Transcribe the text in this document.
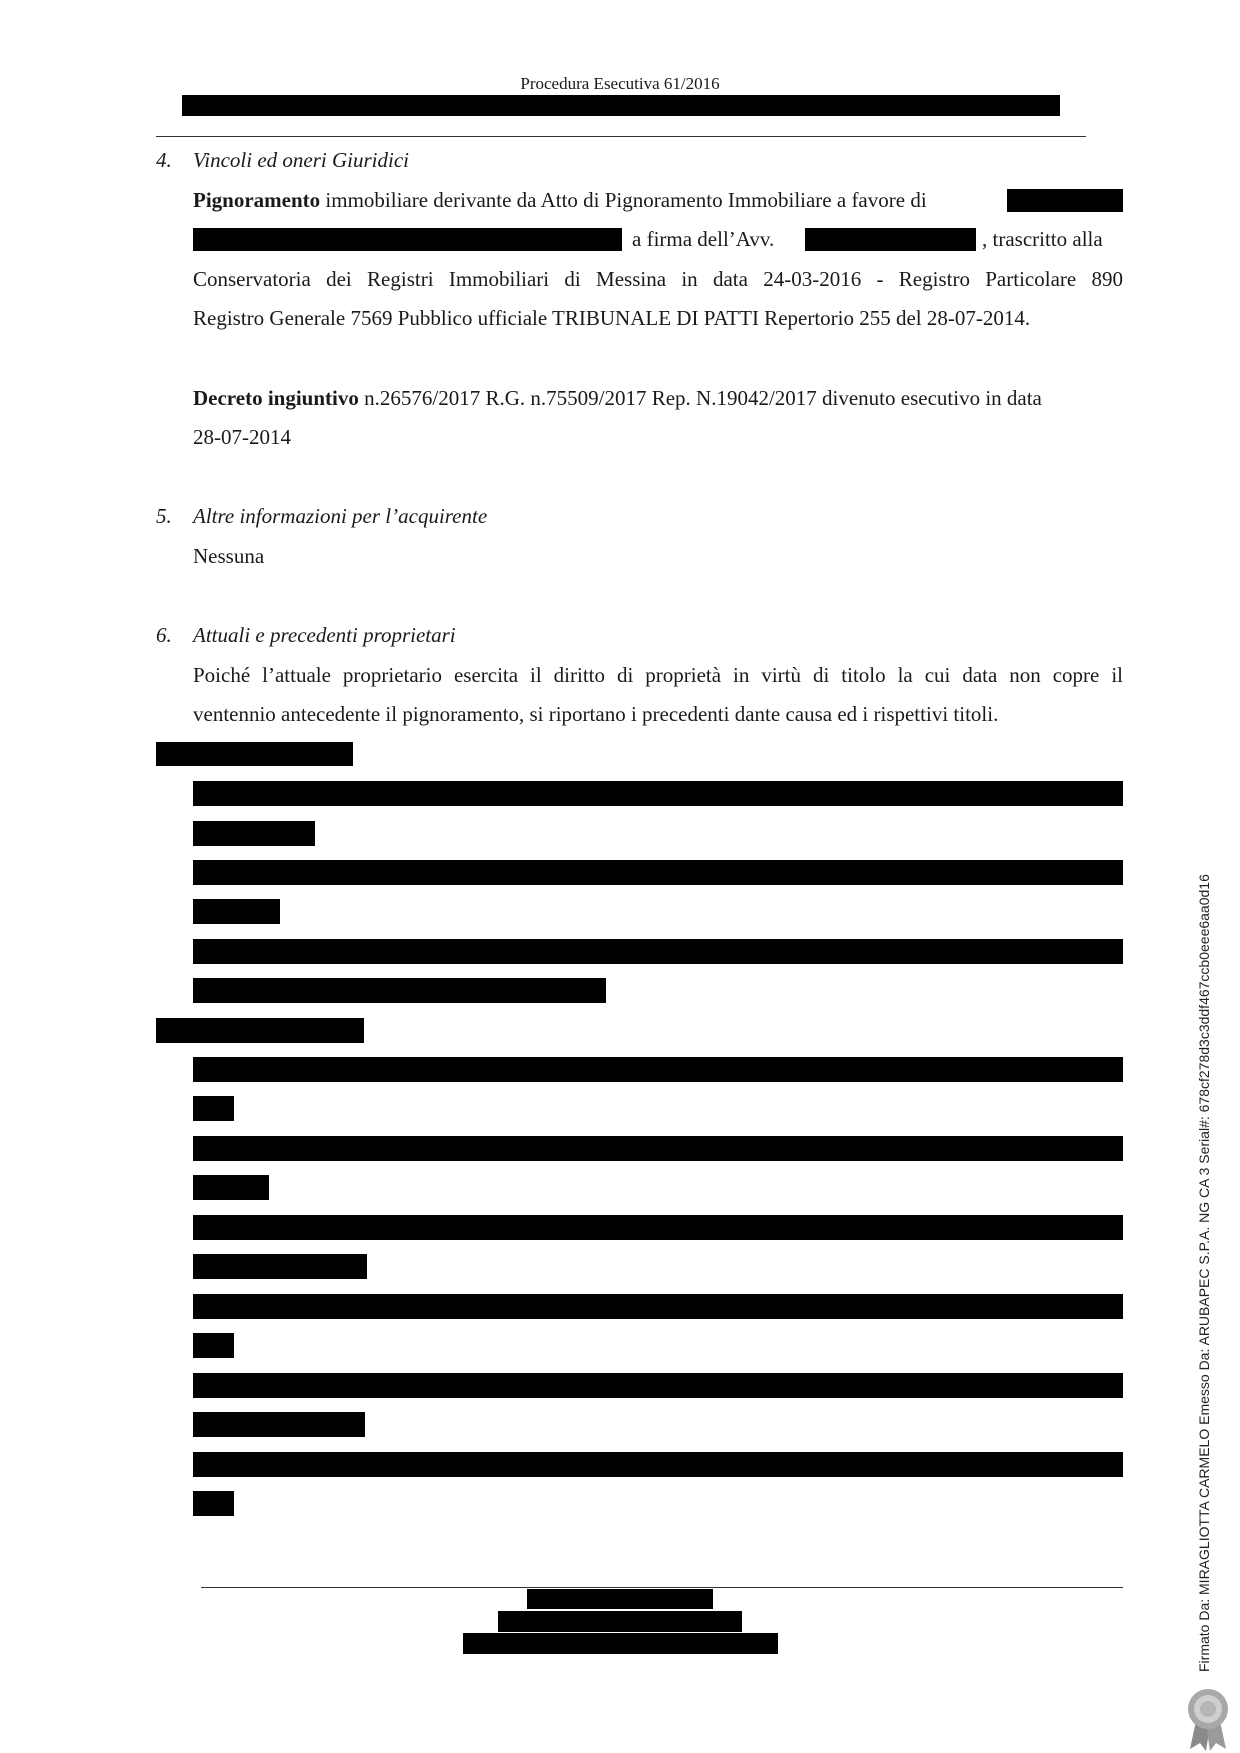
Procedura Esecutiva 61/2016
4. Vincoli ed oneri Giuridici
Pignoramento immobiliare derivante da Atto di Pignoramento Immobiliare a favore di
a firma dell’Avv.	, trascritto alla
Conservatoria dei Registri Immobiliari di Messina in data 24-03-2016 - Registro Particolare 890
Registro Generale 7569 Pubblico ufficiale TRIBUNALE DI PATTI Repertorio 255 del 28-07-2014.
Decreto ingiuntivo n.26576/2017 R.G. n.75509/2017 Rep. N.19042/2017 divenuto esecutivo in data
28-07-2014
5. Altre informazioni per l’acquirente
Nessuna
6. Attuali e precedenti proprietari
Poiché l’attuale proprietario esercita il diritto di proprietà in virtù di titolo la cui data non copre il
ventennio antecedente il pignoramento, si riportano i precedenti dante causa ed i rispettivi titoli.
Firmato Da: MIRAGLIOTTA CARMELO Emesso Da: ARUBAPEC S.P.A. NG CA 3 Serial#: 678cf278d3c3ddf467ccb0eee6aa0d16
